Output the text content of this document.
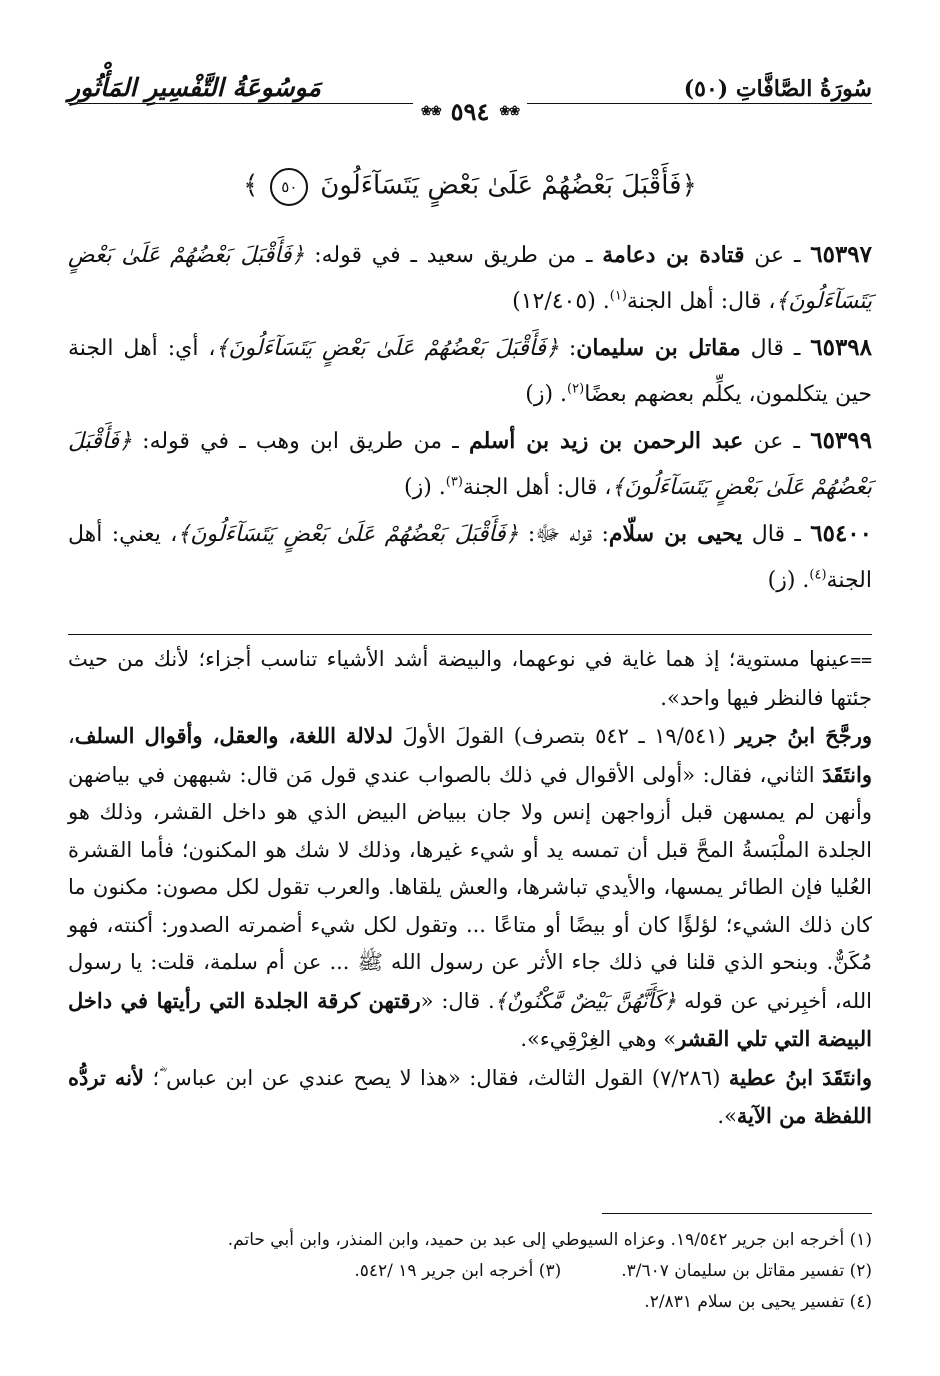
سُورَةُ الصَّافَّاتِ (٥٠)
مَوسُوعَةُ التَّفْسِيرِ المَأْثُورِ
❀❀
٥٩٤
❀❀
﴿فَأَقْبَلَ بَعْضُهُمْ عَلَىٰ بَعْضٍ يَتَسَآءَلُونَ ٥٠ ﴾

٦٥٣٩٧ ـ عن قتادة بن دعامة ـ من طريق سعيد ـ في قوله: ﴿فَأَقْبَلَ بَعْضُهُمْ عَلَىٰ بَعْضٍ يَتَسَآءَلُونَ﴾، قال: أهل الجنة$^{(١)}$. (١٢/٤٠٥)

٦٥٣٩٨ ـ قال مقاتل بن سليمان: ﴿فَأَقْبَلَ بَعْضُهُمْ عَلَىٰ بَعْضٍ يَتَسَآءَلُونَ﴾، أي: أهل الجنة حين يتكلمون، يكلِّم بعضهم بعضًا$^{(٢)}$. (ز)

٦٥٣٩٩ ـ عن عبد الرحمن بن زيد بن أسلم ـ من طريق ابن وهب ـ في قوله: ﴿فَأَقْبَلَ بَعْضُهُمْ عَلَىٰ بَعْضٍ يَتَسَآءَلُونَ﴾، قال: أهل الجنة$^{(٣)}$. (ز)

٦٥٤٠٠ ـ قال يحيى بن سلّام: قوله ﷻ: ﴿فَأَقْبَلَ بَعْضُهُمْ عَلَىٰ بَعْضٍ يَتَسَآءَلُونَ﴾، يعني: أهل الجنة$^{(٤)}$. (ز)

==عينها مستوية؛ إذ هما غاية في نوعهما، والبيضة أشد الأشياء تناسب أجزاء؛ لأنك من حيث جئتها فالنظر فيها واحد».

ورجَّحَ ابنُ جرير (١٩/٥٤١ ـ ٥٤٢ بتصرف) القولَ الأولَ لدلالة اللغة، والعقل، وأقوال السلف، وانتَقَدَ الثاني، فقال: «أولى الأقوال في ذلك بالصواب عندي قول مَن قال: شبههن في بياضهن وأنهن لم يمسهن قبل أزواجهن إنس ولا جان ببياض البيض الذي هو داخل القشر، وذلك هو الجلدة الملْبَسةُ المحَّ قبل أن تمسه يد أو شيء غيرها، وذلك لا شك هو المكنون؛ فأما القشرة العُليا فإن الطائر يمسها، والأيدي تباشرها، والعش يلقاها. والعرب تقول لكل مصون: مكنون ما كان ذلك الشيء؛ لؤلؤًا كان أو بيضًا أو متاعًا ... وتقول لكل شيء أضمرته الصدور: أكنته، فهو مُكَنٌّ. وبنحو الذي قلنا في ذلك جاء الأثر عن رسول الله ﷺ ... عن أم سلمة، قلت: يا رسول الله، أخبِرني عن قوله ﴿كَأَنَّهُنَّ بَيْضٌ مَّكْنُونٌ﴾. قال: «رقتهن كرقة الجلدة التي رأيتها في داخل البيضة التي تلي القشر» وهي الغِرْقِيء».

وانتَقَدَ ابنُ عطية (٧/٢٨٦) القول الثالث، فقال: «هذا لا يصح عندي عن ابن عباس ؓ؛ لأنه تردُّه اللفظة من الآية».

(١) أخرجه ابن جرير ١٩/٥٤٢. وعزاه السيوطي إلى عبد بن حميد، وابن المنذر، وابن أبي حاتم.
(٢) تفسير مقاتل بن سليمان ٣/٦٠٧.
(٣) أخرجه ابن جرير ١٩ /٥٤٢.
(٤) تفسير يحيى بن سلام ٢/٨٣١.
